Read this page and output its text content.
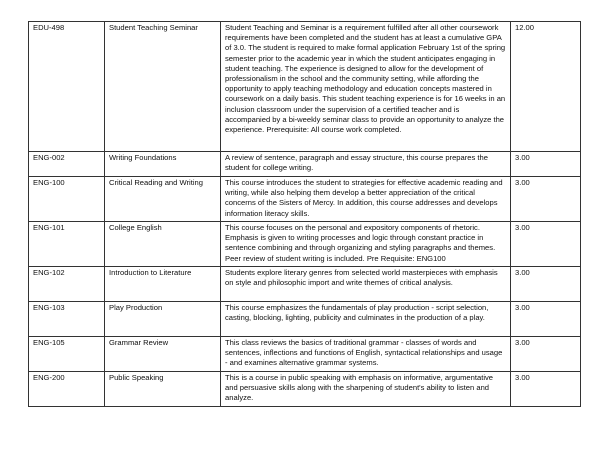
EDU-498	Student Teaching Seminar	Student Teaching and Seminar is a requirement fulfilled after all other coursework requirements have been completed and the student has at least a cumulative GPA of 3.0. The student is required to make formal application February 1st of the spring semester prior to the academic year in which the student anticipates engaging in student teaching. The experience is designed to allow for the development of professionalism in the school and the community setting, while affording the opportunity to apply teaching methodology and education concepts mastered in coursework on a daily basis. This student teaching experience is for 16 weeks in an inclusion classroom under the supervision of a certified teacher and is accompanied by a bi-weekly seminar class to provide an opportunity to analyze the experience. Prerequisite: All course work completed.	12.00
ENG-002	Writing Foundations	A review of sentence, paragraph and essay structure, this course prepares the student for college writing.	3.00
ENG-100	Critical Reading and Writing	This course introduces the student to strategies for effective academic reading and writing, while also helping them develop a better appreciation of the critical concerns of the Sisters of Mercy. In addition, this course addresses and develops information literacy skills.	3.00
ENG-101	College English	This course focuses on the personal and expository components of rhetoric. Emphasis is given to writing processes and logic through constant practice in sentence combining and through organizing and styling paragraphs and themes. Peer review of student writing is included. Pre Requisite: ENG100	3.00
ENG-102	Introduction to Literature	Students explore literary genres from selected world masterpieces with emphasis on style and philosophic import and write themes of critical analysis.	3.00
ENG-103	Play Production	This course emphasizes the fundamentals of play production - script selection, casting, blocking, lighting, publicity and culminates in the production of a play.	3.00
ENG-105	Grammar Review	This class reviews the basics of traditional grammar - classes of words and sentences, inflections and functions of English, syntactical relationships and usage - and examines alternative grammar systems.	3.00
ENG-200	Public Speaking	This is a course in public speaking with emphasis on informative, argumentative and persuasive skills along with the sharpening of student's ability to listen and analyze.	3.00
